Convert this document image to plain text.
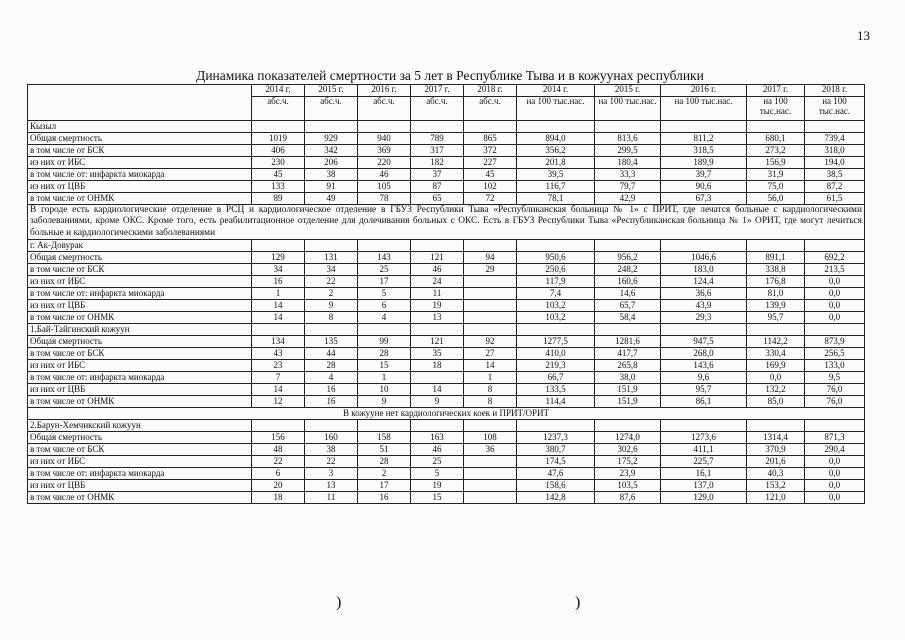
13
Динамика показателей смертности за 5 лет в Республике Тыва и в кожуунах республики
	2014 г.	2015 г.	2016 г.	2017 г.	2018 г.	2014 г.	2015 г.	2016 г.	2017 г.	2018 г.
	абс.ч.	абс.ч.	абс.ч.	абс.ч.	абс.ч.	на 100 тыс.нас.	на 100 тыс.нас.	на 100 тыс.нас.	на 100 тыс.нас.	на 100 тыс.нас.
Кызыл										
Общая смертность	1019	929	940	789	865	894,0	813,6	811,2	680,1	739,4
в том числе от БСК	406	342	369	317	372	356,2	299,5	318,5	273,2	318,0
из них от ИБС	230	206	220	182	227	201,8	180,4	189,9	156,9	194,0
в том числе от: инфаркта миокарда	45	38	46	37	45	39,5	33,3	39,7	31,9	38,5
из них от ЦВБ	133	91	105	87	102	116,7	79,7	90,6	75,0	87,2
в том числе от ОНМК	89	49	78	65	72	78,1	42,9	67,3	56,0	61,5
В городе есть кардиологические отделение в РСЦ и кардиологическое отделение в ГБУЗ Республики Тыва «Республиканская больница № 1» с ПРИТ, где лечатся больные с кардиологическими заболеваниями, кроме ОКС. Кроме того, есть реабилитационное отделение для долечивания больных с ОКС. Есть в ГБУЗ Республики Тыва «Республиканская больница № 1» ОРИТ, где могут лечиться больные и кардиологическими заболеваниями										
г. Ак-Довурак										
Общая смертность	129	131	143	121	94	950,6	956,2	1046,6	891,1	692,2
в том числе от БСК	34	34	25	46	29	250,6	248,2	183,0	338,8	213,5
из них от ИБС	16	22	17	24		117,9	160,6	124,4	176,8	0,0
в том числе от: инфаркта миокарда	1	2	5	11		7,4	14,6	36,6	81,0	0,0
из них от ЦВБ	14	9	6	19		103,2	65,7	43,9	139,9	0,0
в том числе от ОНМК	14	8	4	13		103,2	58,4	29,3	95,7	0,0
1.Бай-Тайгинский кожуун										
Общая смертность	134	135	99	121	92	1277,5	1281,6	947,5	1142,2	873,9
в том числе от БСК	43	44	28	35	27	410,0	417,7	268,0	330,4	256,5
из них от ИБС	23	28	15	18	14	219,3	265,8	143,6	169,9	133,0
в том числе от: инфаркта миокарда	7	4	1		1	66,7	38,0	9,6	0,0	9,5
из них от ЦВБ	14	16	10	14	8	133,5	151,9	95,7	132,2	76,0
в том числе от ОНМК	12	16	9	9	8	114,4	151,9	86,1	85,0	76,0
В кожууне нет кардиологических коек и ПРИТ/ОРИТ										
2.Барун-Хемчикский кожуун										
Общая смертность	156	160	158	163	108	1237,3	1274,0	1273,6	1314,4	871,3
в том числе от БСК	48	38	51	46	36	380,7	302,6	411,1	370,9	290,4
из них от ИБС	22	22	28	25		174,5	175,2	225,7	201,6	0,0
в том числе от: инфаркта миокарда	6	3	2	5		47,6	23,9	16,1	40,3	0,0
из них от ЦВБ	20	13	17	19		158,6	103,5	137,0	153,2	0,0
в том числе от ОНМК	18	11	16	15		142,8	87,6	129,0	121,0	0,0
)	)
